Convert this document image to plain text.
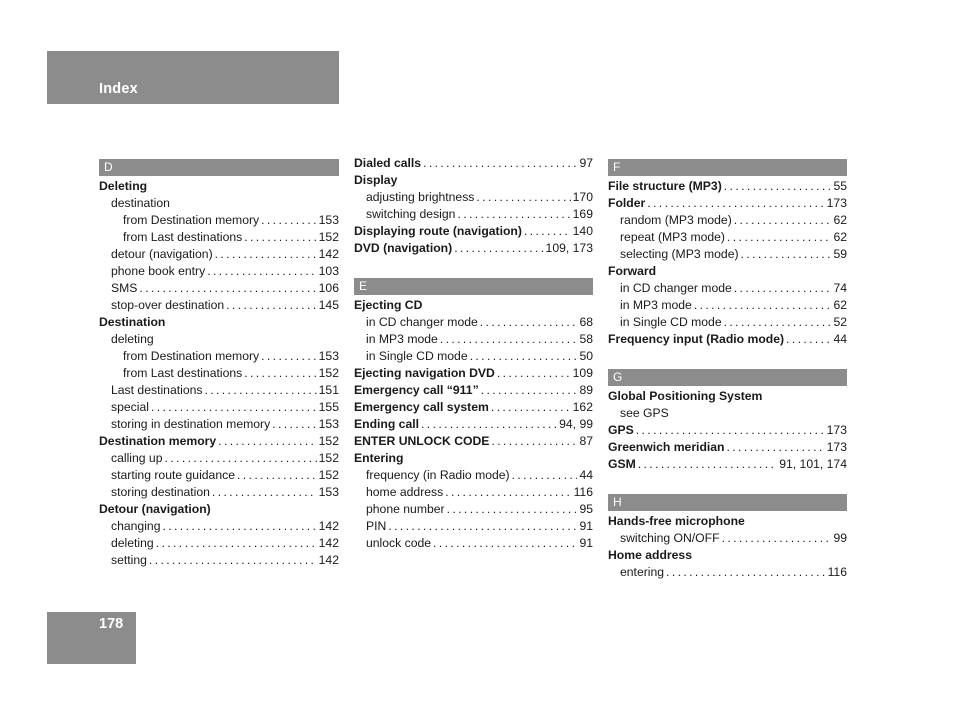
Index
D
Deleting
destination
from Destination memory . . .	153
from Last destinations . . .	152
detour (navigation) . . .	142
phone book entry . . .	103
SMS . . .	106
stop-over destination . . .	145
Destination
deleting
from Destination memory . . .	153
from Last destinations . . .	152
Last destinations . . .	151
special . . .	155
storing in destination memory . . .	153
Destination memory . . .	152
calling up . . .	152
starting route guidance . . .	152
storing destination . . .	153
Detour (navigation)
changing . . .	142
deleting . . .	142
setting . . .	142
Dialed calls . . .	97
Display
adjusting brightness . . .	170
switching design . . .	169
Displaying route (navigation) . . .	140
DVD (navigation) . . .	109, 173
E
Ejecting CD
in CD changer mode . . .	68
in MP3 mode . . .	58
in Single CD mode . . .	50
Ejecting navigation DVD . . .	109
Emergency call “911” . . .	89
Emergency call system . . .	162
Ending call . . .	94, 99
ENTER UNLOCK CODE . . .	87
Entering
frequency (in Radio mode) . . .	44
home address . . .	116
phone number . . .	95
PIN . . .	91
unlock code . . .	91
F
File structure (MP3) . . .	55
Folder . . .	173
random (MP3 mode) . . .	62
repeat (MP3 mode) . . .	62
selecting (MP3 mode) . . .	59
Forward
in CD changer mode . . .	74
in MP3 mode . . .	62
in Single CD mode . . .	52
Frequency input (Radio mode) . . .	44
G
Global Positioning System
see GPS
GPS . . .	173
Greenwich meridian . . .	173
GSM . . .	91, 101, 174
H
Hands-free microphone
switching ON/OFF . . .	99
Home address
entering . . .	116
178
